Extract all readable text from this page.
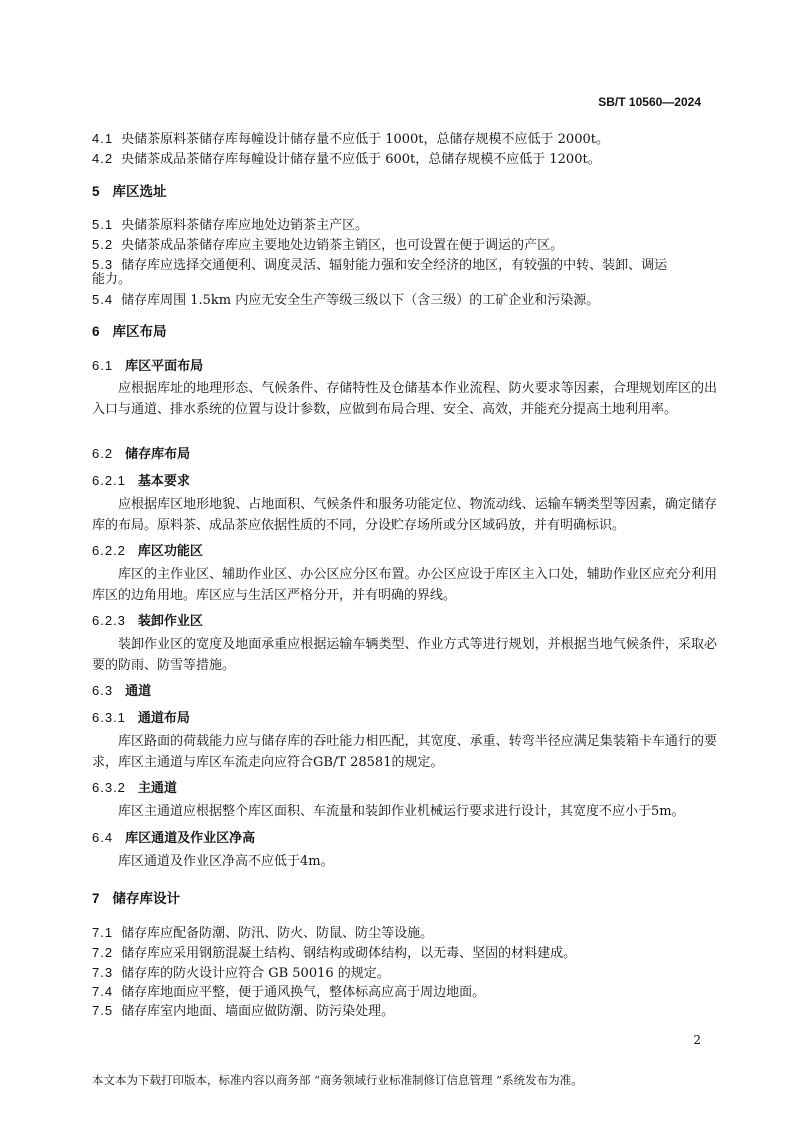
SB/T 10560—2024
4.1 央储茶原料茶储存库每幢设计储存量不应低于 1000t，总储存规模不应低于 2000t。
4.2 央储茶成品茶储存库每幢设计储存量不应低于 600t，总储存规模不应低于 1200t。
5 库区选址
5.1 央储茶原料茶储存库应地处边销茶主产区。
5.2 央储茶成品茶储存库应主要地处边销茶主销区，也可设置在便于调运的产区。
5.3 储存库应选择交通便利、调度灵活、辐射能力强和安全经济的地区，有较强的中转、装卸、调运
能力。
5.4 储存库周围 1.5km 内应无安全生产等级三级以下（含三级）的工矿企业和污染源。
6 库区布局
6.1 库区平面布局
应根据库址的地理形态、气候条件、存储特性及仓储基本作业流程、防火要求等因素，合理规划库区的出入口与通道、排水系统的位置与设计参数，应做到布局合理、安全、高效，并能充分提高土地利用率。
6.2 储存库布局
6.2.1 基本要求
应根据库区地形地貌、占地面积、气候条件和服务功能定位、物流动线、运输车辆类型等因素，确定储存库的布局。原料茶、成品茶应依据性质的不同，分设贮存场所或分区域码放，并有明确标识。
6.2.2 库区功能区
库区的主作业区、辅助作业区、办公区应分区布置。办公区应设于库区主入口处，辅助作业区应充分利用库区的边角用地。库区应与生活区严格分开，并有明确的界线。
6.2.3 装卸作业区
装卸作业区的宽度及地面承重应根据运输车辆类型、作业方式等进行规划，并根据当地气候条件，采取必要的防雨、防雪等措施。
6.3 通道
6.3.1 通道布局
库区路面的荷载能力应与储存库的吞吐能力相匹配，其宽度、承重、转弯半径应满足集装箱卡车通行的要求，库区主通道与库区车流走向应符合GB/T 28581的规定。
6.3.2 主通道
库区主通道应根据整个库区面积、车流量和装卸作业机械运行要求进行设计，其宽度不应小于5m。
6.4 库区通道及作业区净高
库区通道及作业区净高不应低于4m。
7 储存库设计
7.1 储存库应配备防潮、防汛、防火、防鼠、防尘等设施。
7.2 储存库应采用钢筋混凝土结构、钢结构或砌体结构，以无毒、坚固的材料建成。
7.3 储存库的防火设计应符合 GB 50016 的规定。
7.4 储存库地面应平整，便于通风换气，整体标高应高于周边地面。
7.5 储存库室内地面、墙面应做防潮、防污染处理。
2
本文本为下载打印版本，标准内容以商务部 “商务领域行业标准制修订信息管理 ”系统发布为准。
